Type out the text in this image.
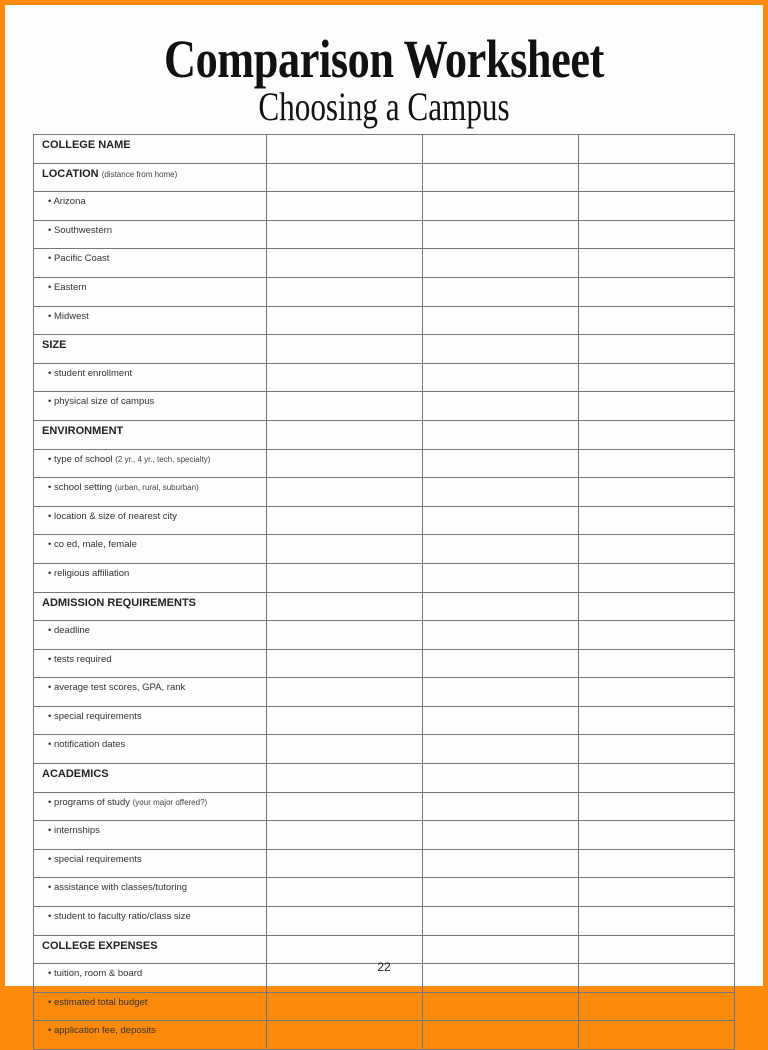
Comparison Worksheet
Choosing a Campus
COLLEGE NAME			
LOCATION (distance from home)			
• Arizona			
• Southwestern			
• Pacific Coast			
• Eastern			
• Midwest			
SIZE			
• student enrollment			
• physical size of campus			
ENVIRONMENT			
• type of school (2 yr., 4 yr., tech, specialty)			
• school setting (urban, rural, suburban)			
• location & size of nearest city			
• co ed, male, female			
• religious affiliation			
ADMISSION REQUIREMENTS			
• deadline			
• tests required			
• average test scores, GPA, rank			
• special requirements			
• notification dates			
ACADEMICS			
• programs of study (your major offered?)			
• internships			
• special requirements			
• assistance with classes/tutoring			
• student to faculty ratio/class size			
COLLEGE EXPENSES			
• tuition, room & board			
• estimated total budget			
• application fee, deposits			
22
